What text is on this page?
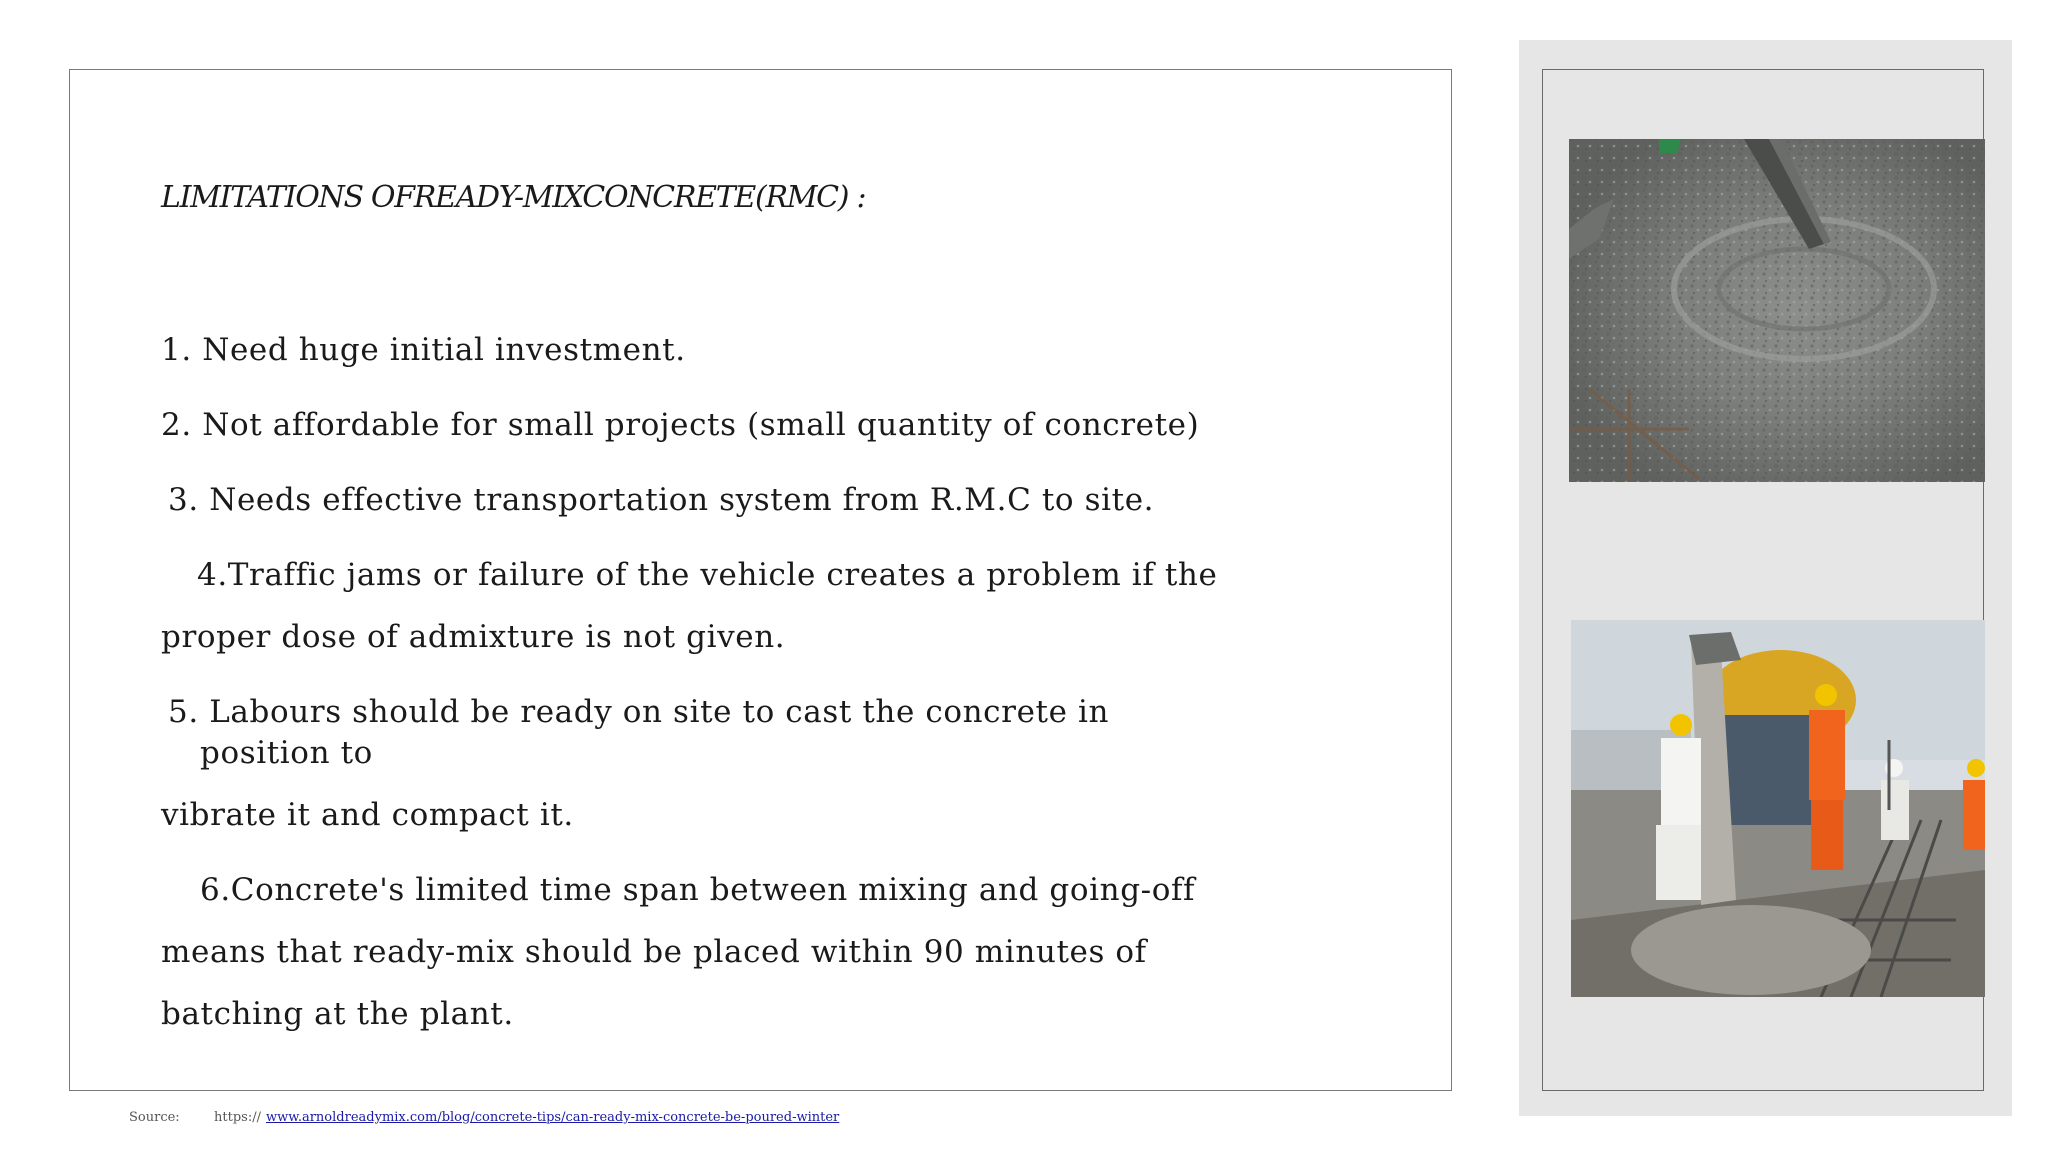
LIMITATIONS OFREADY-MIXCONCRETE(RMC) :
1. Need huge initial investment.
2. Not affordable for small projects (small quantity of concrete)
3. Needs effective transportation system from R.M.C to site.
4.Traffic jams or failure of the vehicle creates a problem if the
proper dose of admixture is not given.
5. Labours should be ready on site to cast the concrete in
position to
vibrate it and compact it.
6.Concrete's limited time span between mixing and going-off
means that ready-mix should be placed within 90 minutes of
batching at the plant.
Source:	https:// www.arnoldreadymix.com/blog/concrete-tips/can-ready-mix-concrete-be-poured-winter
